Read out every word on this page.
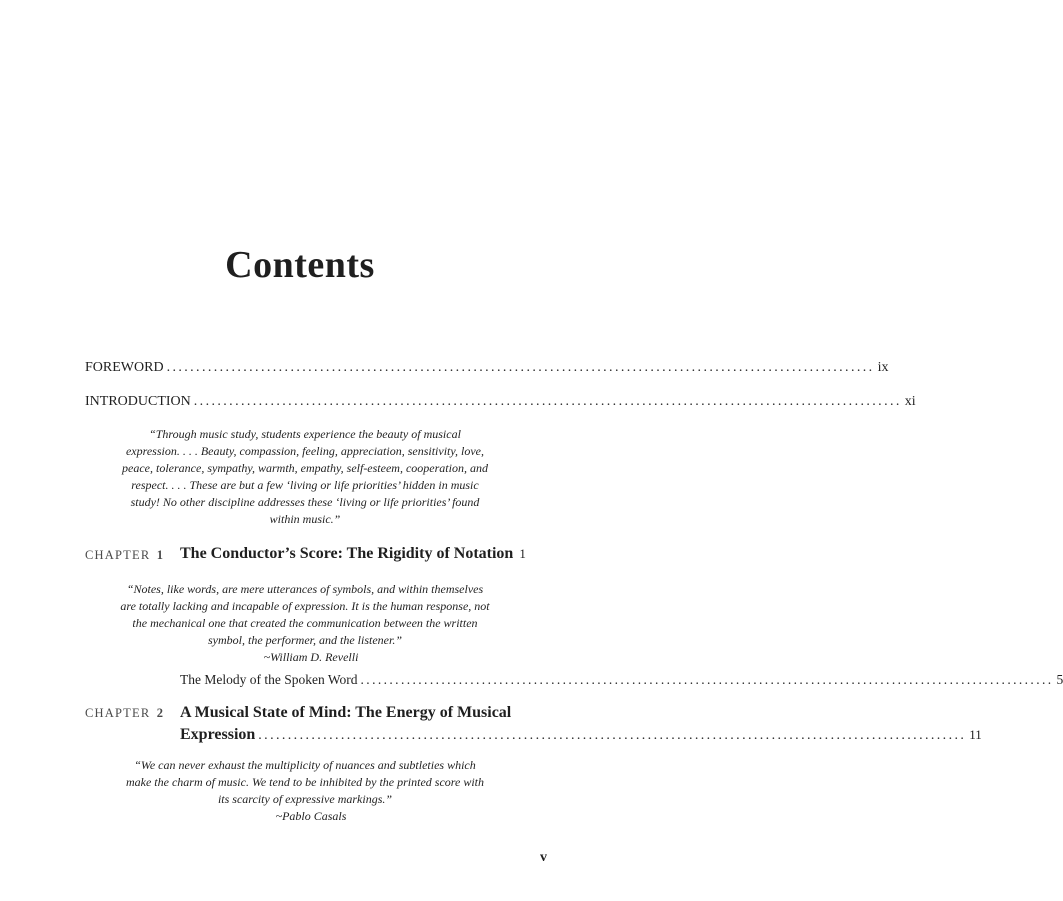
Contents
FOREWORD ........................................................................................................................ ix
INTRODUCTION ........................................................................................................................ xi
“Through music study, students experience the beauty of musical
expression. . . . Beauty, compassion, feeling, appreciation, sensitivity, love,
peace, tolerance, sympathy, warmth, empathy, self-esteem, cooperation, and
respect. . . . These are but a few ‘living or life priorities’ hidden in music
study! No other discipline addresses these ‘living or life priorities’ found
within music.”
CHAPTER 1 The Conductor’s Score: The Rigidity of Notation 1
“Notes, like words, are mere utterances of symbols, and within themselves
are totally lacking and incapable of expression. It is the human response, not
the mechanical one that created the communication between the written
symbol, the performer, and the listener.”
~William D. Revelli
The Melody of the Spoken Word ........................................................................................................................ 5
CHAPTER 2 A Musical State of Mind: The Energy of Musical
Expression ........................................................................................................................ 11
“We can never exhaust the multiplicity of nuances and subtleties which
make the charm of music. We tend to be inhibited by the printed score with
its scarcity of expressive markings.”
~Pablo Casals
v
